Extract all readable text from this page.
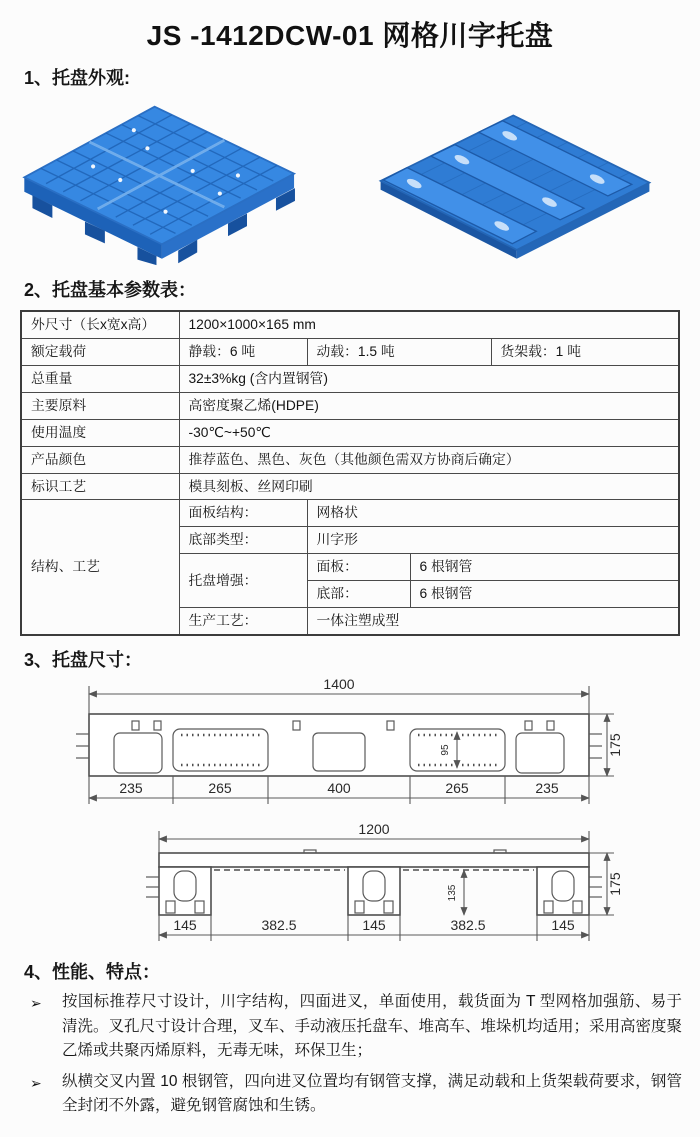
JS -1412DCW-01 网格川字托盘
1、托盘外观:
2、托盘基本参数表：
外尺寸（长x宽x高）	1200×1000×165 mm			
额定载荷	静载：6 吨	动载：1.5 吨		货架载：1 吨
总重量	32±3%kg (含内置钢管)			
主要原料	高密度聚乙烯(HDPE)			
使用温度	-30℃~+50℃			
产品颜色	推荐蓝色、黑色、灰色（其他颜色需双方协商后确定）			
标识工艺	模具刻板、丝网印刷			
结构、工艺	面板结构：	网格状		
	底部类型：	川字形		
	托盘增强：	面板：	6 根钢管	
		底部：	6 根钢管	
	生产工艺：	一体注塑成型		
3、托盘尺寸：
1400
175
95
235	265	400	265	235
1200
175
135
145	382.5	145	382.5	145
4、性能、特点：
➢	按国标推荐尺寸设计，川字结构，四面进叉，单面使用，载货面为 T 型网格加强筋、易于清洗。叉孔尺寸设计合理，叉车、手动液压托盘车、堆高车、堆垛机均适用；采用高密度聚乙烯或共聚丙烯原料，无毒无味，环保卫生；
➢	纵横交叉内置 10 根钢管，四向进叉位置均有钢管支撑，满足动载和上货架载荷要求，钢管全封闭不外露，避免钢管腐蚀和生锈。
